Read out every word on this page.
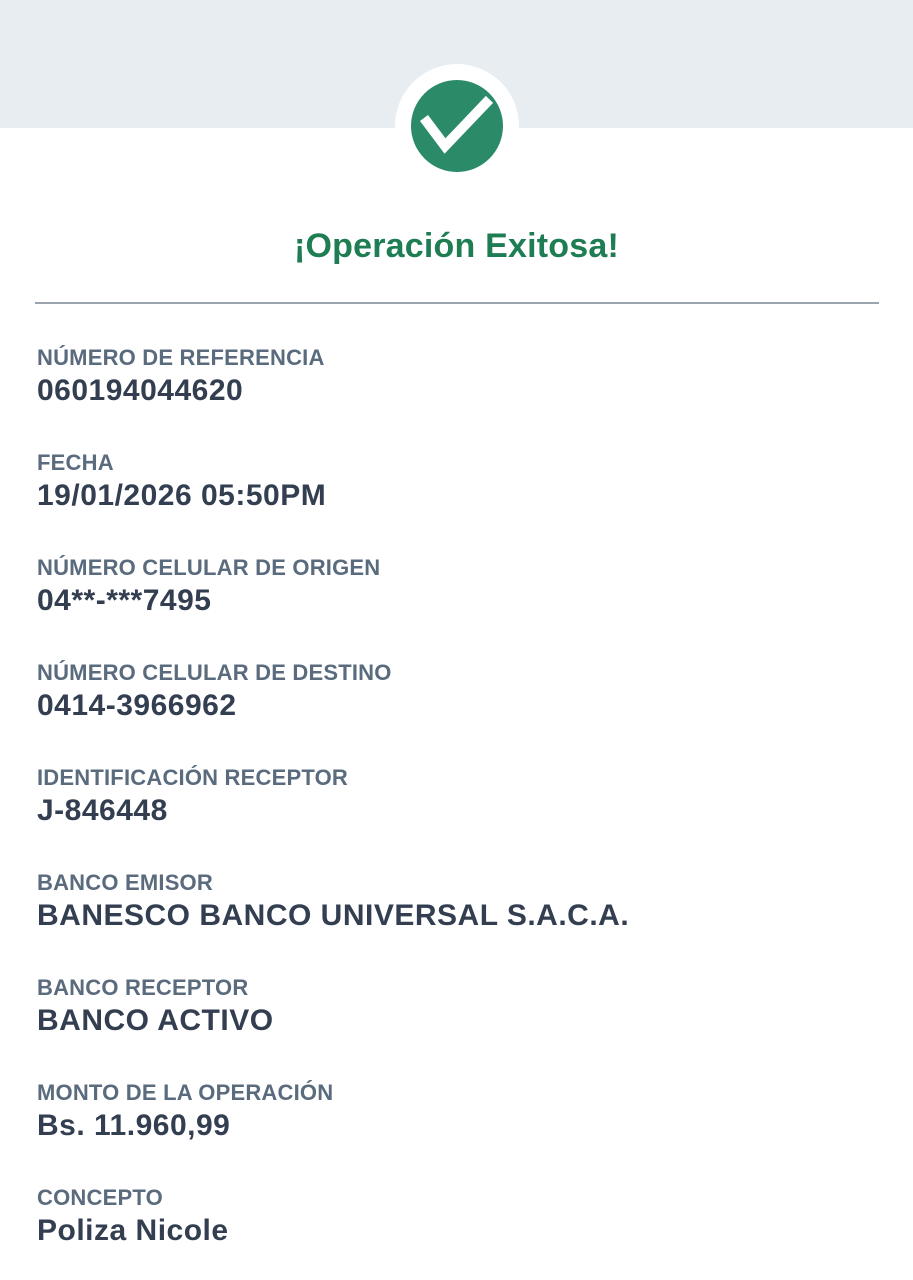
¡Operación Exitosa!
NÚMERO DE REFERENCIA
060194044620
FECHA
19/01/2026 05:50PM
NÚMERO CELULAR DE ORIGEN
04**-***7495
NÚMERO CELULAR DE DESTINO
0414-3966962
IDENTIFICACIÓN RECEPTOR
J-846448
BANCO EMISOR
BANESCO BANCO UNIVERSAL S.A.C.A.
BANCO RECEPTOR
BANCO ACTIVO
MONTO DE LA OPERACIÓN
Bs. 11.960,99
CONCEPTO
Poliza Nicole
